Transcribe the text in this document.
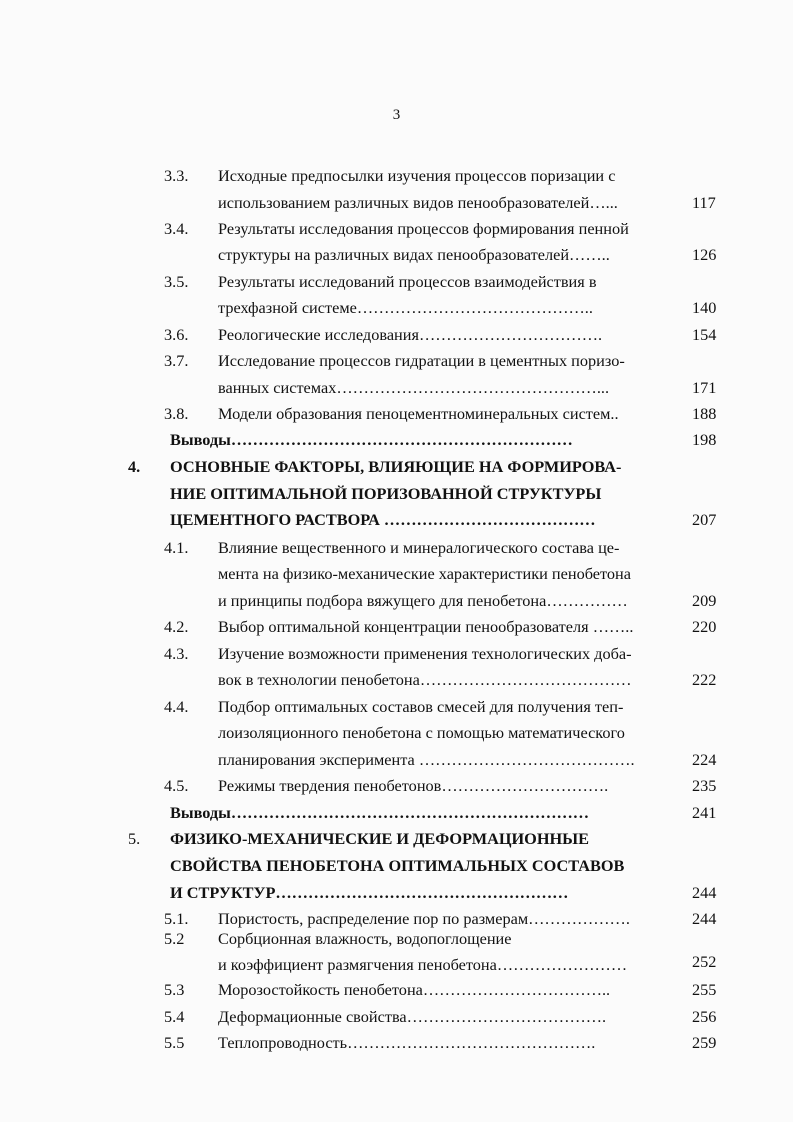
3
3.3. Исходные предпосылки изучения процессов поризации с
использованием различных видов пенообразователей…...	117
3.4. Результаты исследования процессов формирования пенной
структуры на различных видах пенообразователей……..	126
3.5. Результаты исследований процессов взаимодействия в
трехфазной системе……………………………………..	140
3.6. Реологические исследования…………………………….	154
3.7. Исследование процессов гидратации в цементных поризо-
ванных системах…………………………………………...	171
3.8. Модели образования пеноцементноминеральных систем..	188
Выводы………………………………………………………	198
4. ОСНОВНЫЕ ФАКТОРЫ, ВЛИЯЮЩИЕ НА ФОРМИРОВА-
НИЕ ОПТИМАЛЬНОЙ ПОРИЗОВАННОЙ СТРУКТУРЫ
ЦЕМЕНТНОГО РАСТВОРА …………………………………	207
4.1. Влияние вещественного и минералогического состава це-
мента на физико-механические характеристики пенобетона
и принципы подбора вяжущего для пенобетона……………	209
4.2. Выбор оптимальной концентрации пенообразователя ……..	220
4.3. Изучение возможности применения технологических доба-
вок в технологии пенобетона…………………………………	222
4.4. Подбор оптимальных составов смесей для получения теп-
лоизоляционного пенобетона с помощью математического
планирования эксперимента ………………………………….	224
4.5. Режимы твердения пенобетонов………………………….	235
Выводы…………………………………………………………	241
5. ФИЗИКО-МЕХАНИЧЕСКИЕ И ДЕФОРМАЦИОННЫЕ
СВОЙСТВА ПЕНОБЕТОНА ОПТИМАЛЬНЫХ СОСТАВОВ
И СТРУКТУР………………………………………………	244
5.1. Пористость, распределение пор по размерам……………….	244
5.2 Сорбционная влажность, водопоглощение
и коэффициент размягчения пенобетона……………………	252
5.3 Морозостойкость пенобетона……………………………..	255
5.4 Деформационные свойства……………………………….	256
5.5 Теплопроводность……………………………………….	259
